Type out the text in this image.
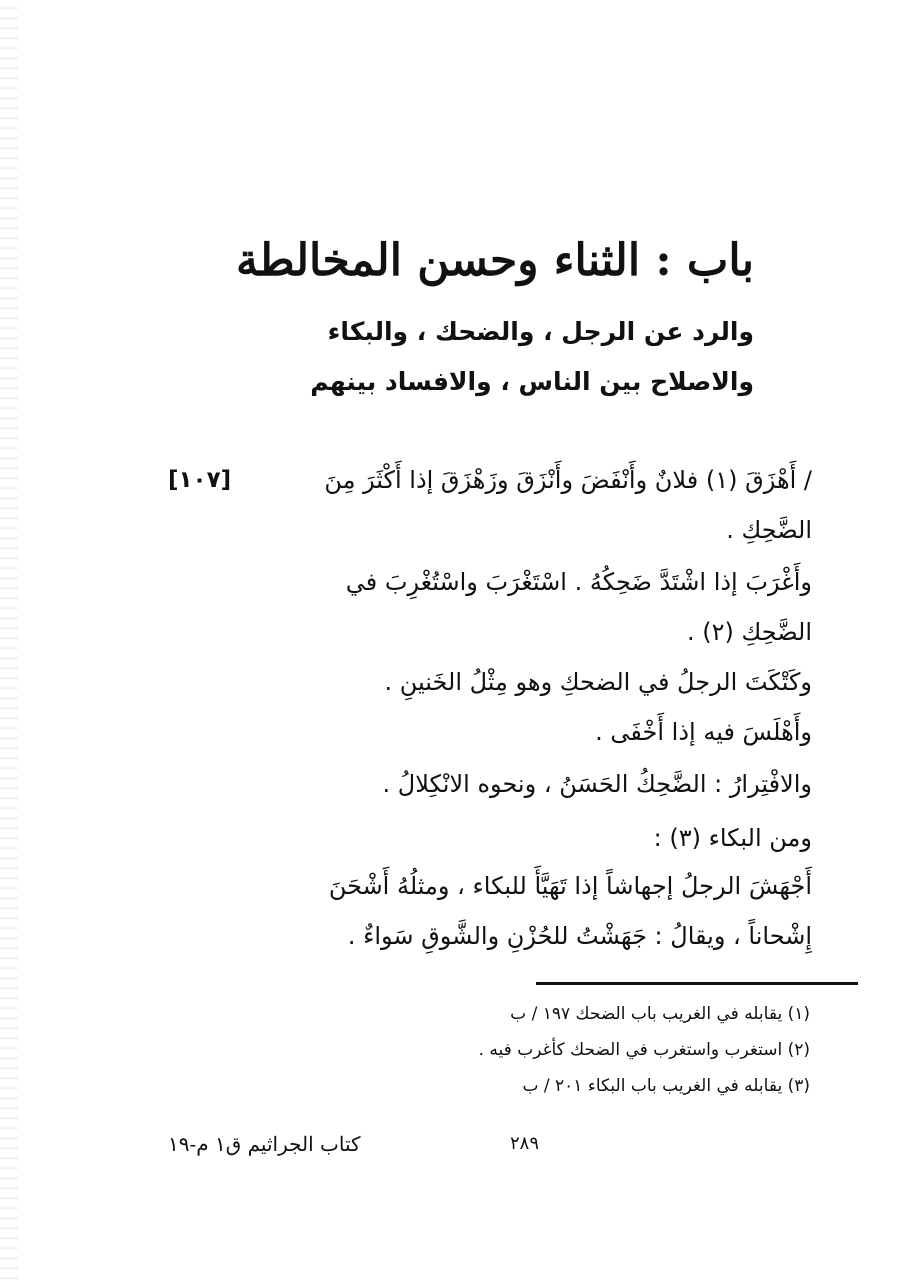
باب : الثناء وحسن المخالطة
والرد عن الرجل ، والضحك ، والبكاء
والاصلاح بين الناس ، والافساد بينهم
/ أَهْزَقَ (١) فلانٌ وأَنْفَضَ وأَنْزَقَ وزَهْزَقَ إذا أَكْثَرَ مِنَ
[١٠٧]
الضَّحِكِ .
وأَغْرَبَ إذا اشْتَدَّ ضَحِكُهُ . اسْتَغْرَبَ واسْتُغْرِبَ في
الضَّحِكِ (٢) .
وكَتْكَتَ الرجلُ في الضحكِ وهو مِثْلُ الخَنينِ .
وأَهْلَسَ فيه إذا أَخْفَى .
والافْتِرارُ : الضَّحِكُ الحَسَنُ ، ونحوه الانْكِلالُ .
ومن البكاء (٣) :
أَجْهَشَ الرجلُ إجهاشاً إذا تَهَيَّأَ للبكاء ، ومثلُهُ أَشْحَنَ
إِشْحاناً ، ويقالُ : جَهَشْتُ للحُزْنِ والشَّوقِ سَواءٌ .
(١) يقابله في الغريب باب الضحك ١٩٧ / ب
(٢) استغرب واستغرب في الضحك كأغرب فيه .
(٣) يقابله في الغريب باب البكاء ٢٠١ / ب
٢٨٩
كتاب الجراثيم ق١ م-١٩
